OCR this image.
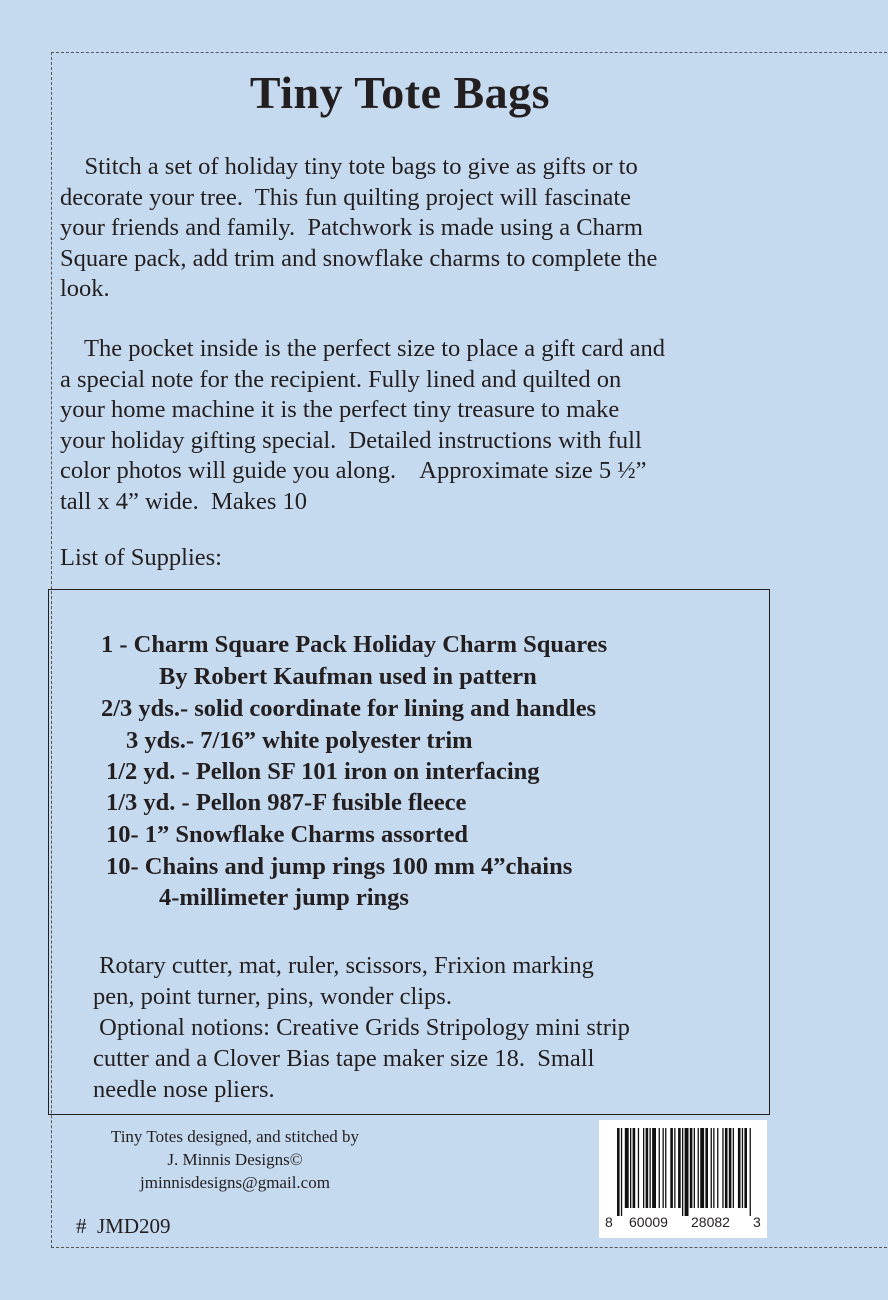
Tiny Tote Bags

Stitch a set of holiday tiny tote bags to give as gifts or to
decorate your tree.  This fun quilting project will fascinate
your friends and family.  Patchwork is made using a Charm
Square pack, add trim and snowflake charms to complete the
look.

The pocket inside is the perfect size to place a gift card and
a special note for the recipient. Fully lined and quilted on
your home machine it is the perfect tiny treasure to make
your holiday gifting special.  Detailed instructions with full
color photos will guide you along.    Approximate size 5 ½”
tall x 4” wide.  Makes 10

List of Supplies:
1 - Charm Square Pack Holiday Charm Squares
By Robert Kaufman used in pattern
2/3 yds.- solid coordinate for lining and handles
3 yds.- 7/16” white polyester trim
1/2 yd. - Pellon SF 101 iron on interfacing
1/3 yd. - Pellon 987-F fusible fleece
10- 1” Snowflake Charms assorted
10- Chains and jump rings 100 mm 4”chains
4-millimeter jump rings
Rotary cutter, mat, ruler, scissors, Frixion marking
pen, point turner, pins, wonder clips.
Optional notions: Creative Grids Stripology mini strip
cutter and a Clover Bias tape maker size 18.  Small
needle nose pliers.
Tiny Totes designed, and stitched by
J. Minnis Designs©
jminnisdesigns@gmail.com
#  JMD209	8 60009 28082 3
